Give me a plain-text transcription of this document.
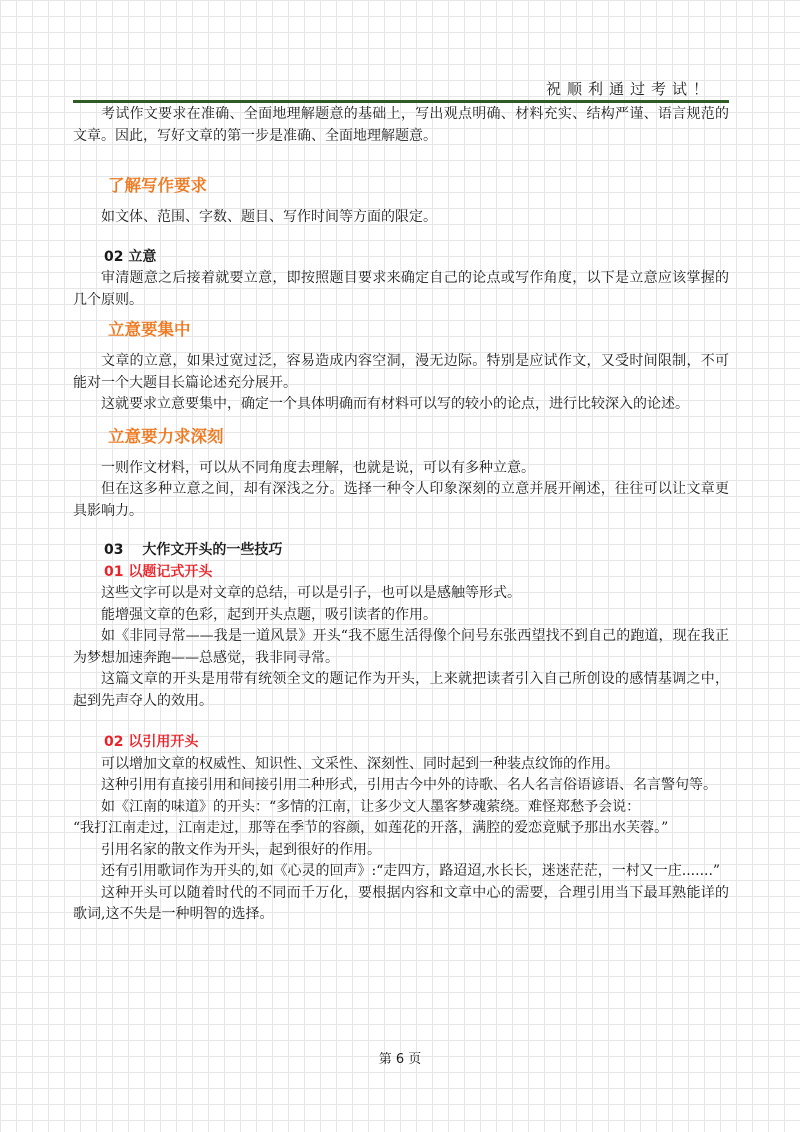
祝顺利通过考试！

考试作文要求在准确、全面地理解题意的基础上，写出观点明确、材料充实、结构严谨、语言规范的文章。因此，写好文章的第一步是准确、全面地理解题意。

了解写作要求

如文体、范围、字数、题目、写作时间等方面的限定。

02 立意

审清题意之后接着就要立意，即按照题目要求来确定自己的论点或写作角度，以下是立意应该掌握的几个原则。

立意要集中

文章的立意，如果过宽过泛，容易造成内容空洞，漫无边际。特别是应试作文，又受时间限制，不可能对一个大题目长篇论述充分展开。

这就要求立意要集中，确定一个具体明确而有材料可以写的较小的论点，进行比较深入的论述。

立意要力求深刻

一则作文材料，可以从不同角度去理解，也就是说，可以有多种立意。

但在这多种立意之间，却有深浅之分。选择一种令人印象深刻的立意并展开阐述，往往可以让文章更具影响力。

03　 大作文开头的一些技巧

01 以题记式开头

这些文字可以是对文章的总结，可以是引子，也可以是感触等形式。

能增强文章的色彩，起到开头点题，吸引读者的作用。

如《非同寻常——我是一道风景》开头“我不愿生活得像个问号东张西望找不到自己的跑道，现在我正为梦想加速奔跑——总感觉，我非同寻常。

这篇文章的开头是用带有统领全文的题记作为开头，上来就把读者引入自己所创设的感情基调之中，起到先声夺人的效用。

02 以引用开头

可以增加文章的权威性、知识性、文采性、深刻性、同时起到一种装点纹饰的作用。

这种引用有直接引用和间接引用二种形式，引用古今中外的诗歌、名人名言俗语谚语、名言警句等。

如《江南的味道》的开头：“多情的江南，让多少文人墨客梦魂萦绕。难怪郑愁予会说：

“我打江南走过，江南走过，那等在季节的容颜，如莲花的开落，满腔的爱恋竟赋予那出水芙蓉。”

引用名家的散文作为开头，起到很好的作用。

还有引用歌词作为开头的,如《心灵的回声》:“走四方，路迢迢,水长长，迷迷茫茫，一村又一庄.......”

这种开头可以随着时代的不同而千万化，要根据内容和文章中心的需要，合理引用当下最耳熟能详的歌词,这不失是一种明智的选择。

第 6 页
